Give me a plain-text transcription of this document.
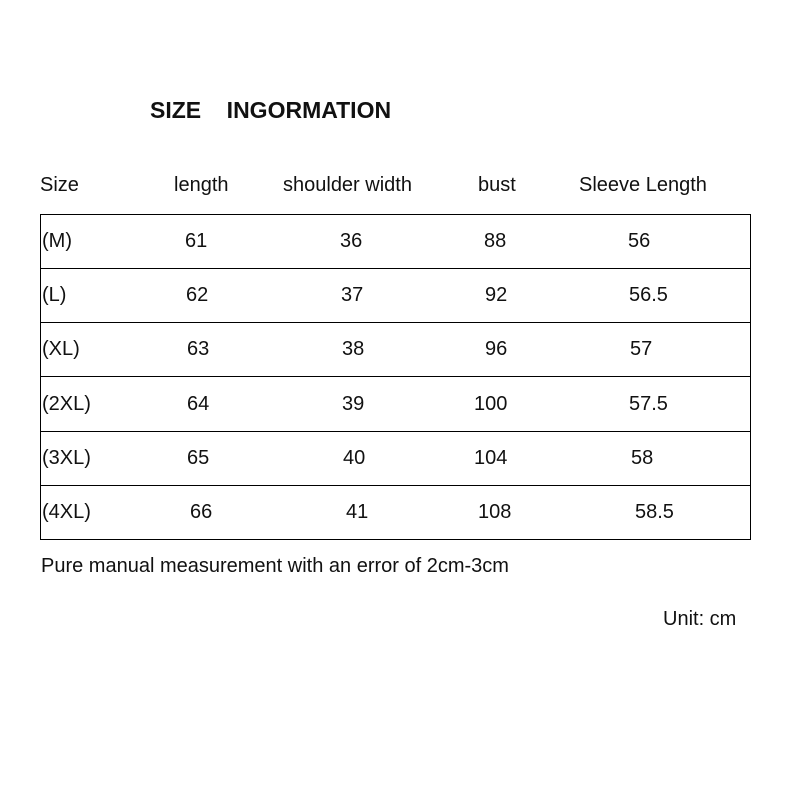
SIZE    INGORMATION
Size	length	shoulder width	bust	Sleeve Length
(M)	61	36	88	56
(L)	62	37	92	56.5
(XL)	63	38	96	57
(2XL)	64	39	100	57.5
(3XL)	65	40	104	58
(4XL)	66	41	108	58.5
Pure manual measurement with an error of 2cm-3cm
Unit: cm
